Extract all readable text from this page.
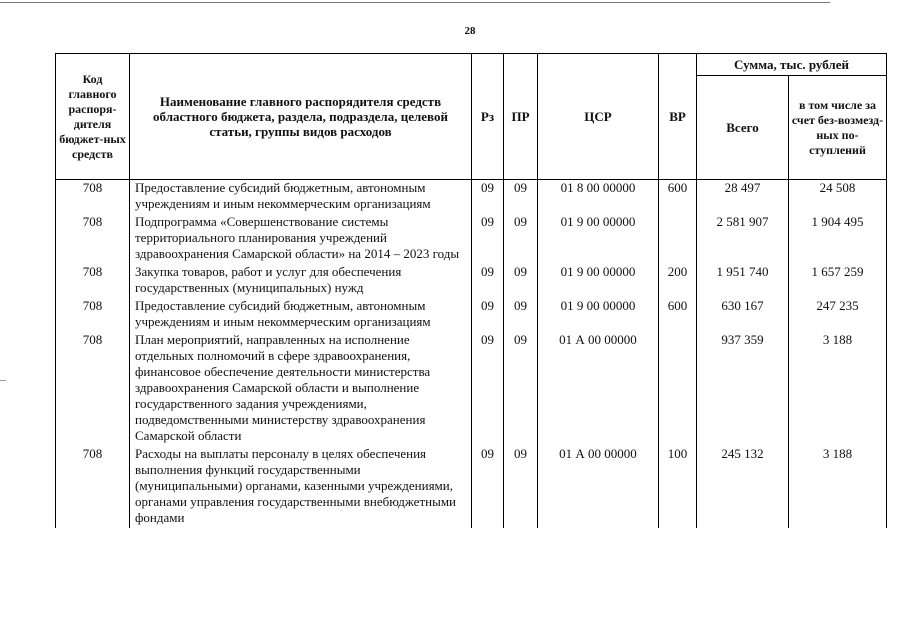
28
Код главного распоря-дителя бюджет-ных средств	Наименование главного распорядителя средств областного бюджета, раздела, подраздела, целевой статьи, группы видов расходов	Рз	ПР	ЦСР	ВР	Сумма, тыс. рублей	
						Всего	в том числе за счет без-возмезд-ных по-ступлений
708	Предоставление субсидий бюджетным, автономным учреждениям и иным некоммерческим организациям	09	09	01 8 00 00000	600	28 497	24 508
708	Подпрограмма «Совершенствование системы территориального планирования учреждений здравоохранения Самарской области» на 2014 – 2023 годы	09	09	01 9 00 00000		2 581 907	1 904 495
708	Закупка товаров, работ и услуг для обеспечения государственных (муниципальных) нужд	09	09	01 9 00 00000	200	1 951 740	1 657 259
708	Предоставление субсидий бюджетным, автономным учреждениям и иным некоммерческим организациям	09	09	01 9 00 00000	600	630 167	247 235
708	План мероприятий, направленных на исполнение отдельных полномочий в сфере здравоохранения, финансовое обеспечение деятельности министерства здравоохранения Самарской области и выполнение государственного задания учреждениями, подведомственными министерству здравоохранения Самарской области	09	09	01 А 00 00000		937 359	3 188
708	Расходы на выплаты персоналу в целях обеспечения выполнения функций государственными (муниципальными) органами, казенными учреждениями, органами управления государственными внебюджетными фондами	09	09	01 А 00 00000	100	245 132	3 188
